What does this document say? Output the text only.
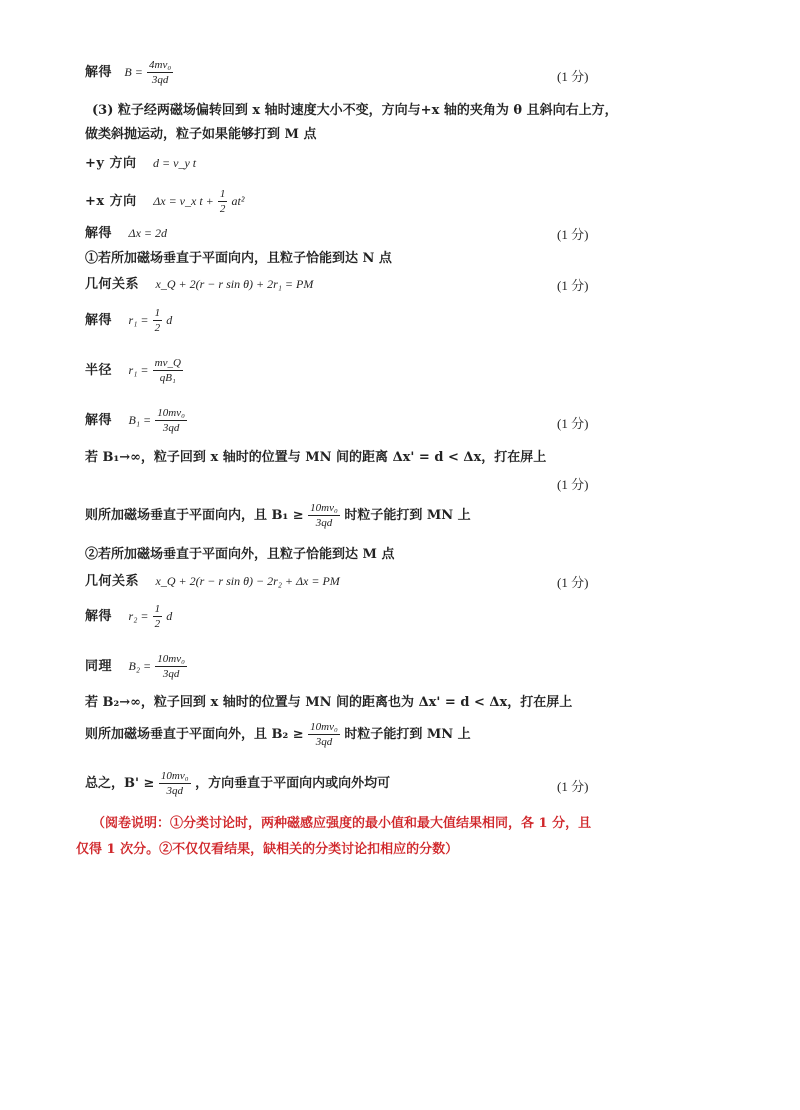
解得 $B = \frac{\text{4mv₀}}{3qd}$	(1 分)
(3) 粒子经两磁场偏转回到 x 轴时速度大小不变，方向与+x 轴的夹角为 θ 且斜向右上方，
做类斜抛运动，粒子如果能够打到 M 点
+y 方向 d = v_y t
+x 方向 Δx = v_x $t + \frac{1}{2} at^2$
解得 Δx = 2d	(1 分)
①若所加磁场垂直于平面向内，且粒子恰能到达 N 点
几何关系 x_Q + 2(r − r sin θ) + 2r₁ = PM	(1 分)
解得 $r_1 = \frac{1}{2}$ d
半径 $r_1 = \frac{mv\_Q}{\text{qB₁}}$
解得 $B_1 = \frac{\text{10mv₀}}{3qd}$	(1 分)
若 B₁→∞，粒子回到 x 轴时的位置与 MN 间的距离 Δx' = d < Δx，打在屏上
(1 分)
则所加磁场垂直于平面向内，且 $B_1 \ge \frac{\text{10mv₀}}{3qd}$ 时粒子能打到 MN 上
②若所加磁场垂直于平面向外，且粒子恰能到达 M 点
几何关系 x_Q + 2(r − r sin θ) − 2r₂ + Δx = PM	(1 分)
解得 $r_2 = \frac{1}{2}$ d
同理 $B_2 = \frac{\text{10mv₀}}{3qd}$
若 B₂→∞，粒子回到 x 轴时的位置与 MN 间的距离也为 Δx' = d < Δx，打在屏上
则所加磁场垂直于平面向外，且 $B_2 \ge \frac{\text{10mv₀}}{3qd}$ 时粒子能打到 MN 上
总之，$B' \ge \frac{\text{10mv₀}}{3qd}$ ，方向垂直于平面向内或向外均可	(1 分)
（阅卷说明：①分类讨论时，两种磁感应强度的最小值和最大值结果相同，各 1 分，且
仅得 1 次分。②不仅仅看结果，缺相关的分类讨论扣相应的分数）
